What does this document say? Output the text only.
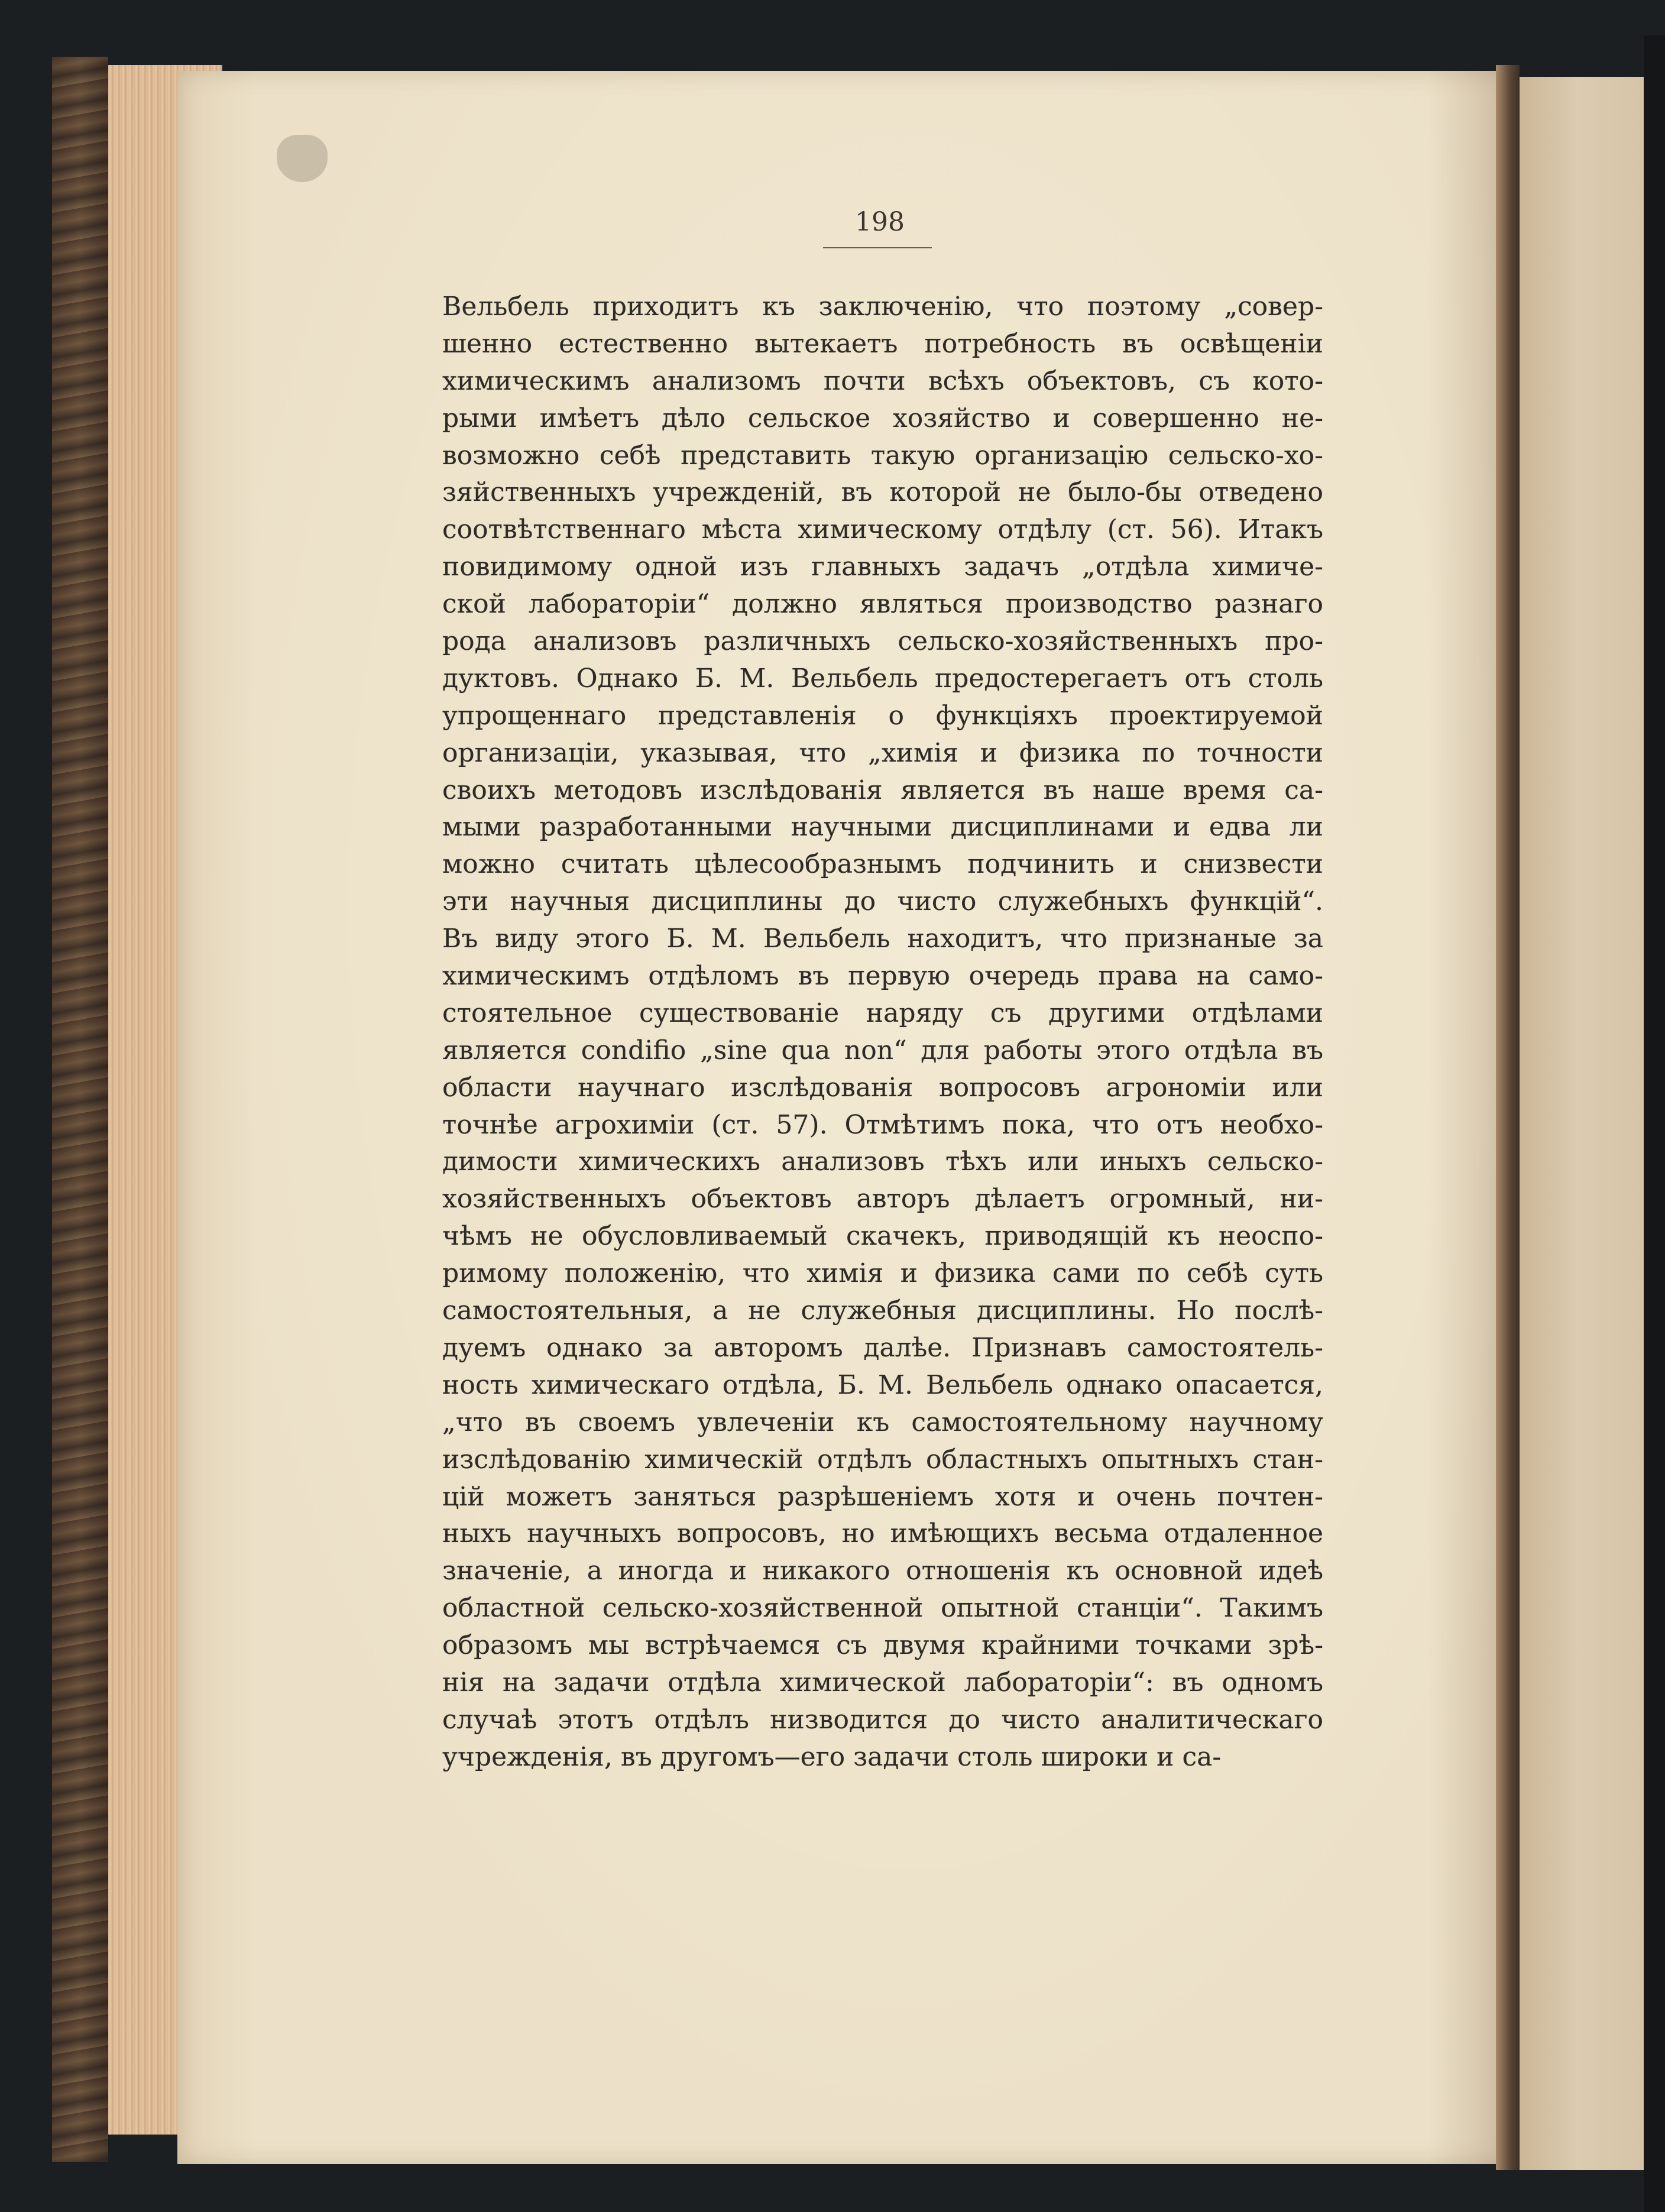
198
Вельбель приходитъ къ заключенію, что поэтому „совер-
шенно естественно вытекаетъ потребность въ освѣщеніи
химическимъ анализомъ почти всѣхъ объектовъ, съ кото-
рыми имѣетъ дѣло сельское хозяйство и совершенно не-
возможно себѣ представить такую организацію сельско-хо-
зяйственныхъ учрежденій, въ которой не было-бы отведено
соотвѣтственнаго мѣста химическому отдѣлу (ст. 56). Итакъ
повидимому одной изъ главныхъ задачъ „отдѣла химиче-
ской лабораторіи“ должно являться производство разнаго
рода анализовъ различныхъ сельско-хозяйственныхъ про-
дуктовъ. Однако Б. М. Вельбель предостерегаетъ отъ столь
упрощеннаго представленія о функціяхъ проектируемой
организаціи, указывая, что „химія и физика по точности
своихъ методовъ изслѣдованія является въ наше время са-
мыми разработанными научными дисциплинами и едва ли
можно считать цѣлесообразнымъ подчинить и снизвести
эти научныя дисциплины до чисто служебныхъ функцій“.
Въ виду этого Б. М. Вельбель находитъ, что признаные за
химическимъ отдѣломъ въ первую очередь права на само-
стоятельное существованіе наряду съ другими отдѣлами
является condifio „sine qua non“ для работы этого отдѣла въ
области научнаго изслѣдованія вопросовъ агрономіи или
точнѣе агрохиміи (ст. 57). Отмѣтимъ пока, что отъ необхо-
димости химическихъ анализовъ тѣхъ или иныхъ сельско-
хозяйственныхъ объектовъ авторъ дѣлаетъ огромный, ни-
чѣмъ не обусловливаемый скачекъ, приводящій къ неоспо-
римому положенію, что химія и физика сами по себѣ суть
самостоятельныя, а не служебныя дисциплины. Но послѣ-
дуемъ однако за авторомъ далѣе. Признавъ самостоятель-
ность химическаго отдѣла, Б. М. Вельбель однако опасается,
„что въ своемъ увлеченіи къ самостоятельному научному
изслѣдованію химическій отдѣлъ областныхъ опытныхъ стан-
цій можетъ заняться разрѣшеніемъ хотя и очень почтен-
ныхъ научныхъ вопросовъ, но имѣющихъ весьма отдаленное
значеніе, а иногда и никакого отношенія къ основной идеѣ
областной сельско-хозяйственной опытной станціи“. Такимъ
образомъ мы встрѣчаемся съ двумя крайними точками зрѣ-
нія на задачи отдѣла химической лабораторіи“: въ одномъ
случаѣ этотъ отдѣлъ низводится до чисто аналитическаго
учрежденія, въ другомъ—его задачи столь широки и са-
